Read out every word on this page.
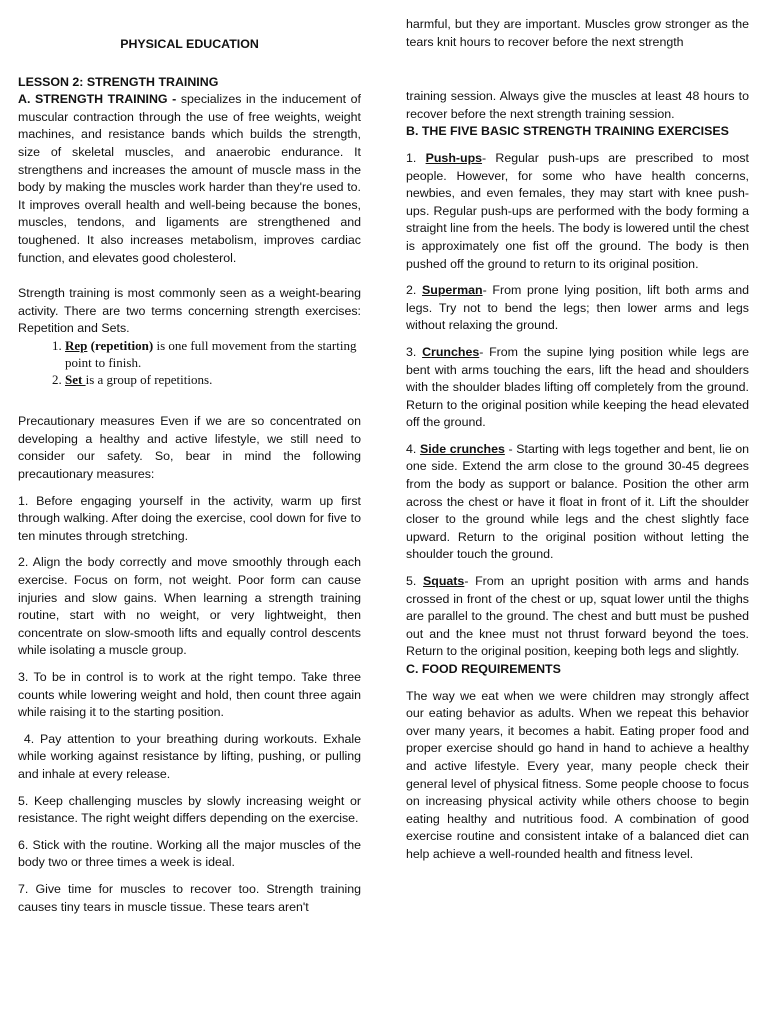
PHYSICAL EDUCATION

LESSON 2: STRENGTH TRAINING

A. STRENGTH TRAINING - specializes in the inducement of muscular contraction through the use of free weights, weight machines, and resistance bands which builds the strength, size of skeletal muscles, and anaerobic endurance. It strengthens and increases the amount of muscle mass in the body by making the muscles work harder than they're used to. It improves overall health and well-being because the bones, muscles, tendons, and ligaments are strengthened and toughened. It also increases metabolism, improves cardiac function, and elevates good cholesterol.

Strength training is most commonly seen as a weight-bearing activity. There are two terms concerning strength exercises: Repetition and Sets.

1. Rep (repetition) is one full movement from the starting point to finish.
2. Set is a group of repetitions.

Precautionary measures Even if we are so concentrated on developing a healthy and active lifestyle, we still need to consider our safety. So, bear in mind the following precautionary measures:

1. Before engaging yourself in the activity, warm up first through walking. After doing the exercise, cool down for five to ten minutes through stretching.

2. Align the body correctly and move smoothly through each exercise. Focus on form, not weight. Poor form can cause injuries and slow gains. When learning a strength training routine, start with no weight, or very lightweight, then concentrate on slow-smooth lifts and equally control descents while isolating a muscle group.

3. To be in control is to work at the right tempo. Take three counts while lowering weight and hold, then count three again while raising it to the starting position.

4. Pay attention to your breathing during workouts. Exhale while working against resistance by lifting, pushing, or pulling and inhale at every release.

5. Keep challenging muscles by slowly increasing weight or resistance. The right weight differs depending on the exercise.

6. Stick with the routine. Working all the major muscles of the body two or three times a week is ideal.

7. Give time for muscles to recover too. Strength training causes tiny tears in muscle tissue. These tears aren't

harmful, but they are important. Muscles grow stronger as the tears knit hours to recover before the next strength

training session. Always give the muscles at least 48 hours to recover before the next strength training session.

B. THE FIVE BASIC STRENGTH TRAINING EXERCISES

1. Push-ups- Regular push-ups are prescribed to most people. However, for some who have health concerns, newbies, and even females, they may start with knee push-ups. Regular push-ups are performed with the body forming a straight line from the heels. The body is lowered until the chest is approximately one fist off the ground. The body is then pushed off the ground to return to its original position.

2. Superman- From prone lying position, lift both arms and legs. Try not to bend the legs; then lower arms and legs without relaxing the ground.

3. Crunches- From the supine lying position while legs are bent with arms touching the ears, lift the head and shoulders with the shoulder blades lifting off completely from the ground. Return to the original position while keeping the head elevated off the ground.

4. Side crunches - Starting with legs together and bent, lie on one side. Extend the arm close to the ground 30-45 degrees from the body as support or balance. Position the other arm across the chest or have it float in front of it. Lift the shoulder closer to the ground while legs and the chest slightly face upward. Return to the original position without letting the shoulder touch the ground.

5. Squats- From an upright position with arms and hands crossed in front of the chest or up, squat lower until the thighs are parallel to the ground. The chest and butt must be pushed out and the knee must not thrust forward beyond the toes. Return to the original position, keeping both legs and slightly.

C. FOOD REQUIREMENTS

The way we eat when we were children may strongly affect our eating behavior as adults. When we repeat this behavior over many years, it becomes a habit. Eating proper food and proper exercise should go hand in hand to achieve a healthy and active lifestyle. Every year, many people check their general level of physical fitness. Some people choose to focus on increasing physical activity while others choose to begin eating healthy and nutritious food. A combination of good exercise routine and consistent intake of a balanced diet can help achieve a well-rounded health and fitness level.
